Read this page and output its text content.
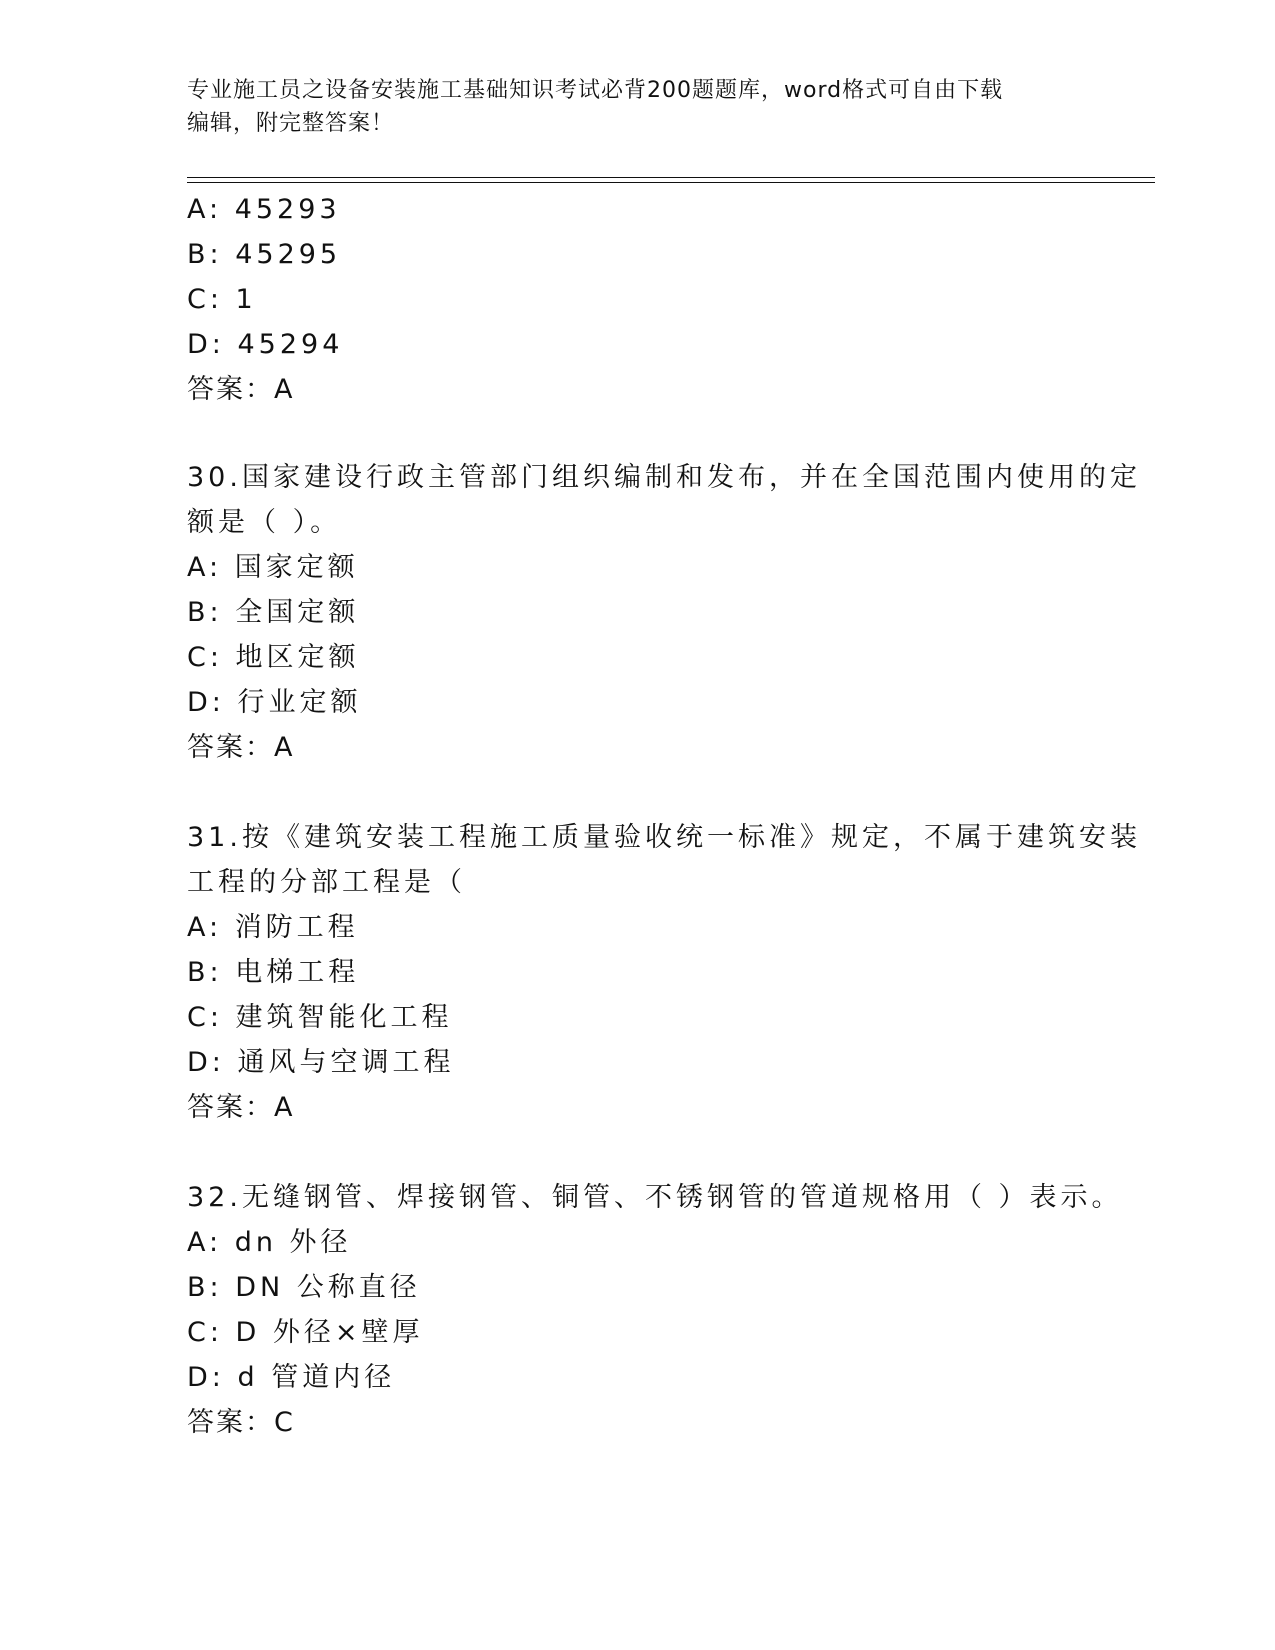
专业施工员之设备安装施工基础知识考试必背200题题库，word格式可自由下载
编辑，附完整答案！
A: 45293
B: 45295
C: 1
D: 45294
答案：A
30.国家建设行政主管部门组织编制和发布，并在全国范围内使用的定
额是（ ）。
A: 国家定额
B: 全国定额
C: 地区定额
D: 行业定额
答案：A
31.按《建筑安装工程施工质量验收统一标准》规定，不属于建筑安装
工程的分部工程是（
A: 消防工程
B: 电梯工程
C: 建筑智能化工程
D: 通风与空调工程
答案：A
32.无缝钢管、焊接钢管、铜管、不锈钢管的管道规格用（ ）表示。
A: dn 外径
B: DN 公称直径
C: D 外径×壁厚
D: d 管道内径
答案：C
